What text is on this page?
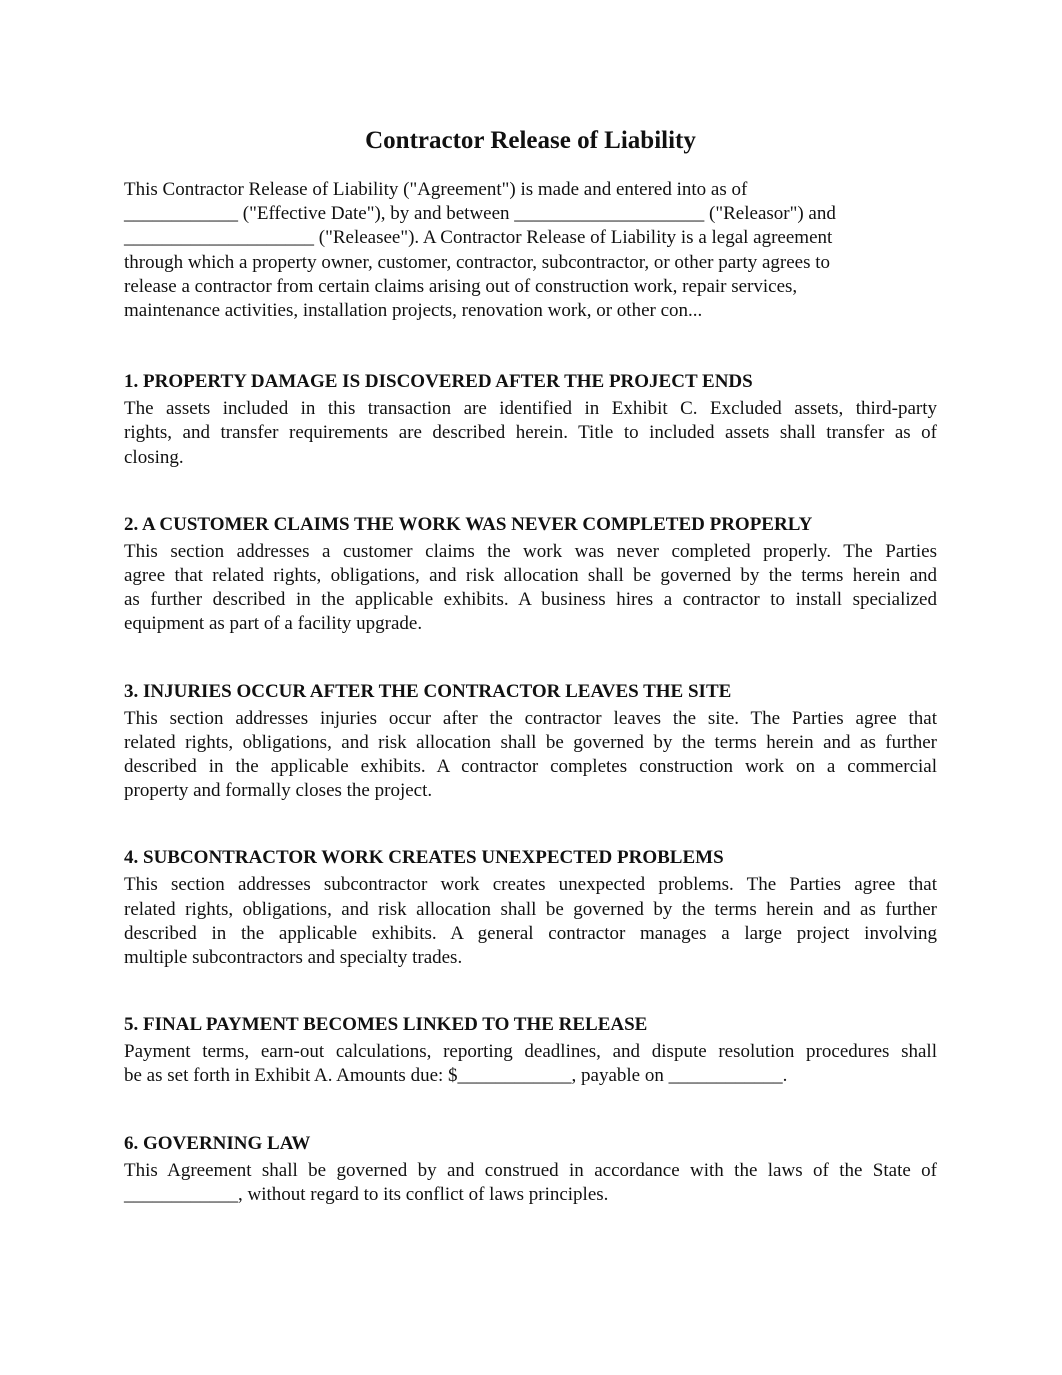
Contractor Release of Liability

This Contractor Release of Liability ("Agreement") is made and entered into as of
____________ ("Effective Date"), by and between ____________________ ("Releasor") and
____________________ ("Releasee"). A Contractor Release of Liability is a legal agreement
through which a property owner, customer, contractor, subcontractor, or other party agrees to
release a contractor from certain claims arising out of construction work, repair services,
maintenance activities, installation projects, renovation work, or other con...

1. PROPERTY DAMAGE IS DISCOVERED AFTER THE PROJECT ENDS

The assets included in this transaction are identified in Exhibit C. Excluded assets, third-party
rights, and transfer requirements are described herein. Title to included assets shall transfer as of
closing.

2. A CUSTOMER CLAIMS THE WORK WAS NEVER COMPLETED PROPERLY

This section addresses a customer claims the work was never completed properly. The Parties
agree that related rights, obligations, and risk allocation shall be governed by the terms herein and
as further described in the applicable exhibits. A business hires a contractor to install specialized
equipment as part of a facility upgrade.

3. INJURIES OCCUR AFTER THE CONTRACTOR LEAVES THE SITE

This section addresses injuries occur after the contractor leaves the site. The Parties agree that
related rights, obligations, and risk allocation shall be governed by the terms herein and as further
described in the applicable exhibits. A contractor completes construction work on a commercial
property and formally closes the project.

4. SUBCONTRACTOR WORK CREATES UNEXPECTED PROBLEMS

This section addresses subcontractor work creates unexpected problems. The Parties agree that
related rights, obligations, and risk allocation shall be governed by the terms herein and as further
described in the applicable exhibits. A general contractor manages a large project involving
multiple subcontractors and specialty trades.

5. FINAL PAYMENT BECOMES LINKED TO THE RELEASE

Payment terms, earn-out calculations, reporting deadlines, and dispute resolution procedures shall
be as set forth in Exhibit A. Amounts due: $____________, payable on ____________.

6. GOVERNING LAW

This Agreement shall be governed by and construed in accordance with the laws of the State of
____________, without regard to its conflict of laws principles.
